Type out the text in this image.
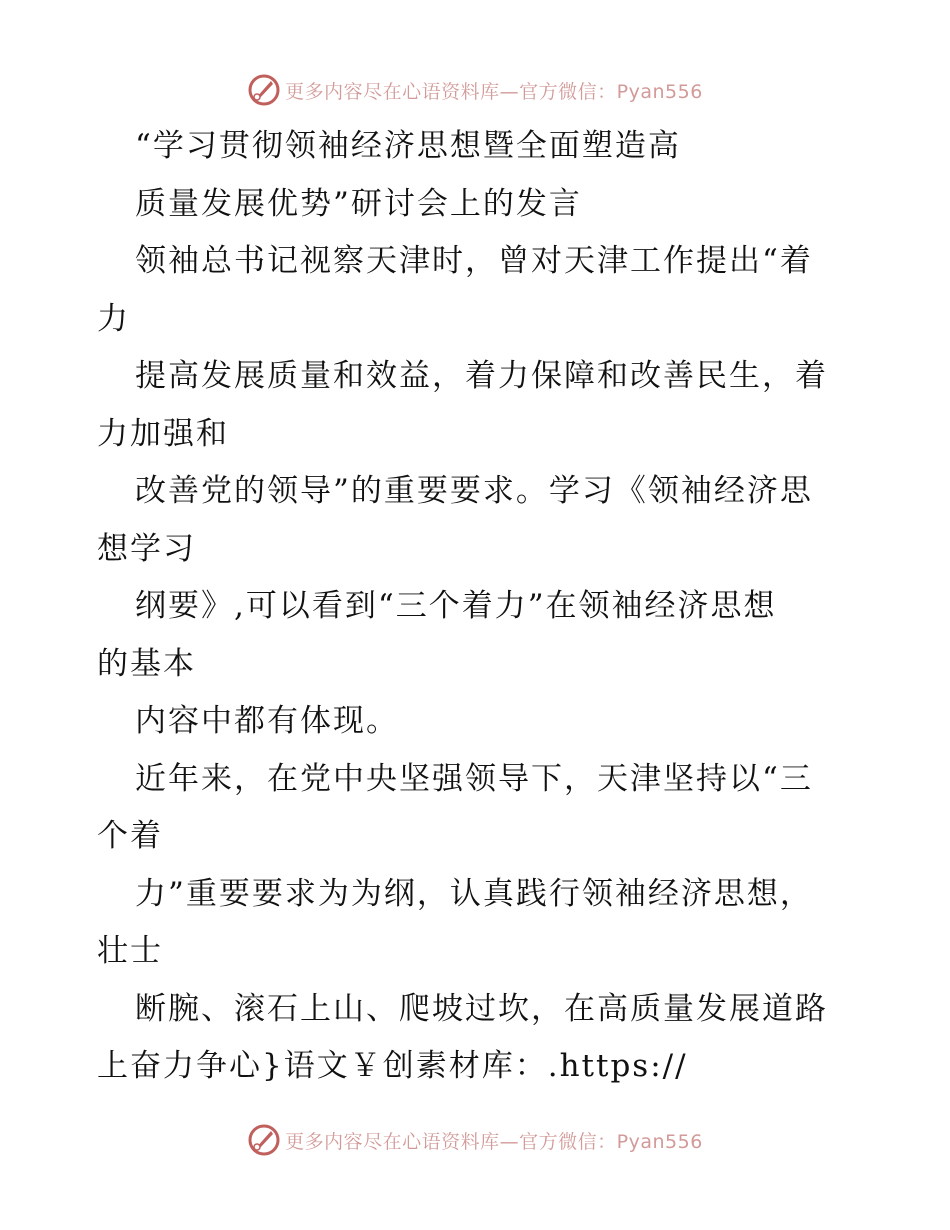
更多内容尽在心语资料库—官方微信：Pyan556
“学习贯彻领袖经济思想暨全面塑造高
质量发展优势”研讨会上的发言
领袖总书记视察天津时，曾对天津工作提出“着
力
提高发展质量和效益，着力保障和改善民生，着
力加强和
改善党的领导”的重要要求。学习《领袖经济思
想学习
纲要》,可以看到“三个着力”在领袖经济思想
的基本
内容中都有体现。
近年来，在党中央坚强领导下，天津坚持以“三
个着
力”重要要求为为纲，认真践行领袖经济思想，
壮士
断腕、滚石上山、爬坡过坎，在高质量发展道路
上奋力争心}语文￥创素材库：.https://
更多内容尽在心语资料库—官方微信：Pyan556
